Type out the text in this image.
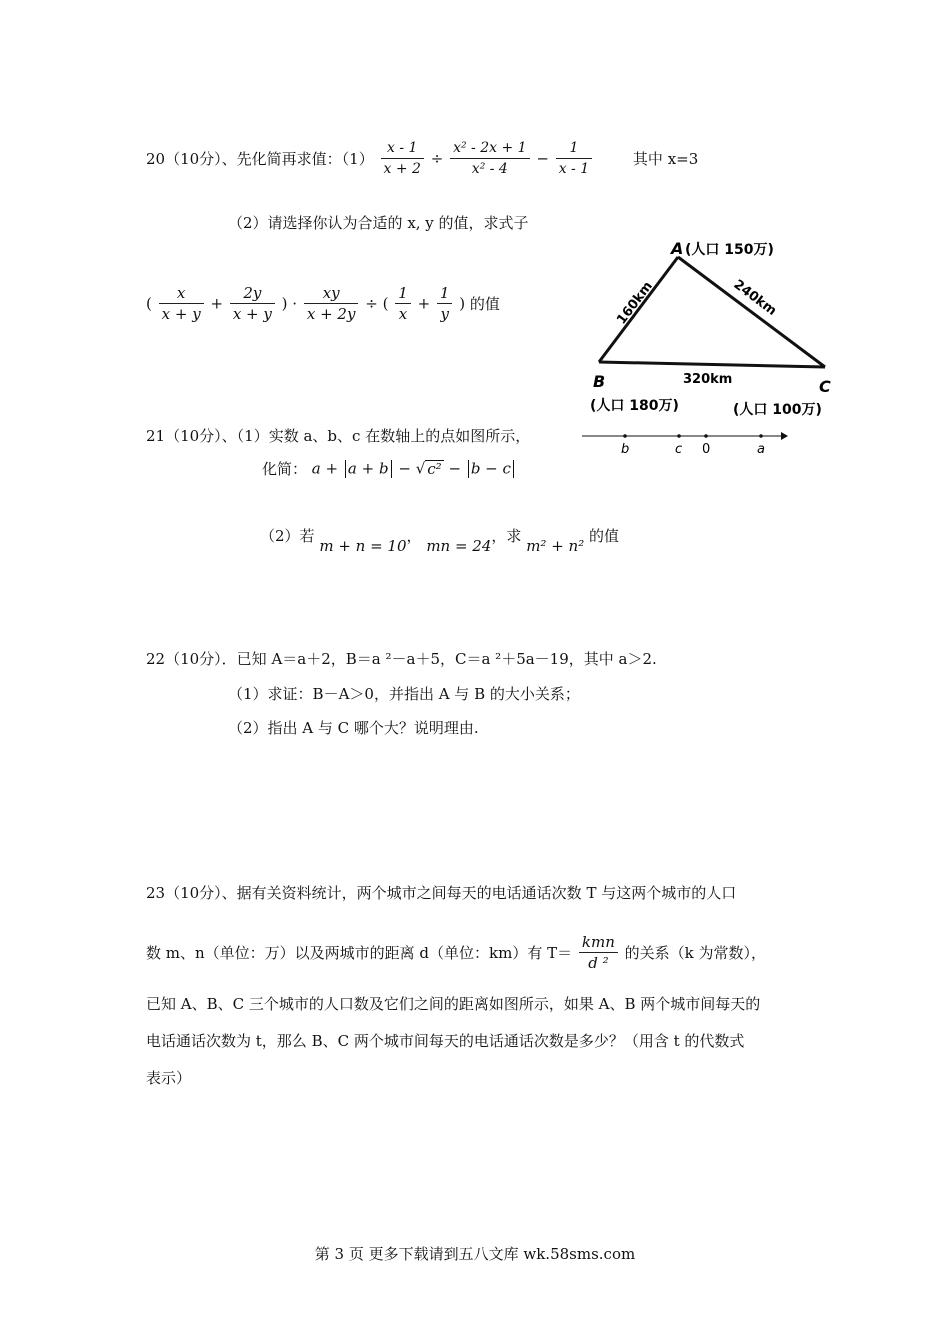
20（10分）、先化简再求值：$(1) \frac{x - 1}{x + 2} \div \frac{\text{x² - 2x + 1}}{\text{x² - 4}} - \frac{1}{x - 1}$	其中 x=3
（2）请选择你认为合适的 x, y 的值，求式子
( $\frac{x}{x + y} + \frac{2y}{x + y}$ ) · $\frac{xy}{x + 2y}$ ÷ ( $\frac{1}{x} + \frac{1}{y}$ ) 的值
A (人口 150万)
B
(人口 180万)
C
(人口 100万)
160km	240km
320km
21（10分）、（1）实数 a、b、c 在数轴上的点如图所示，
b	c 0	a
化简： a + a + b − √ c² − b − c
（2）若 m + n = 10， mn = 24，求 m² + n² 的值
22（10分）．已知 A＝a＋2，B＝a ²－a＋5，C＝a ²＋5a－19，其中 a＞2.
（1）求证：B－A＞0，并指出 A 与 B 的大小关系；
（2）指出 A 与 C 哪个大？说明理由.
23（10分）、据有关资料统计，两个城市之间每天的电话通话次数 T 与这两个城市的人口
数 m、n（单位：万）以及两城市的距离 d（单位：km）有 $T= \frac{\text{kmn}}{\text{d ²}}$ 的关系（k 为常数），
已知 A、B、C 三个城市的人口数及它们之间的距离如图所示，如果 A、B 两个城市间每天的
电话通话次数为 t，那么 B、C 两个城市间每天的电话通话次数是多少？（用含 t 的代数式
表示）
第 3 页 更多下载请到五八文库 wk.58sms.com
